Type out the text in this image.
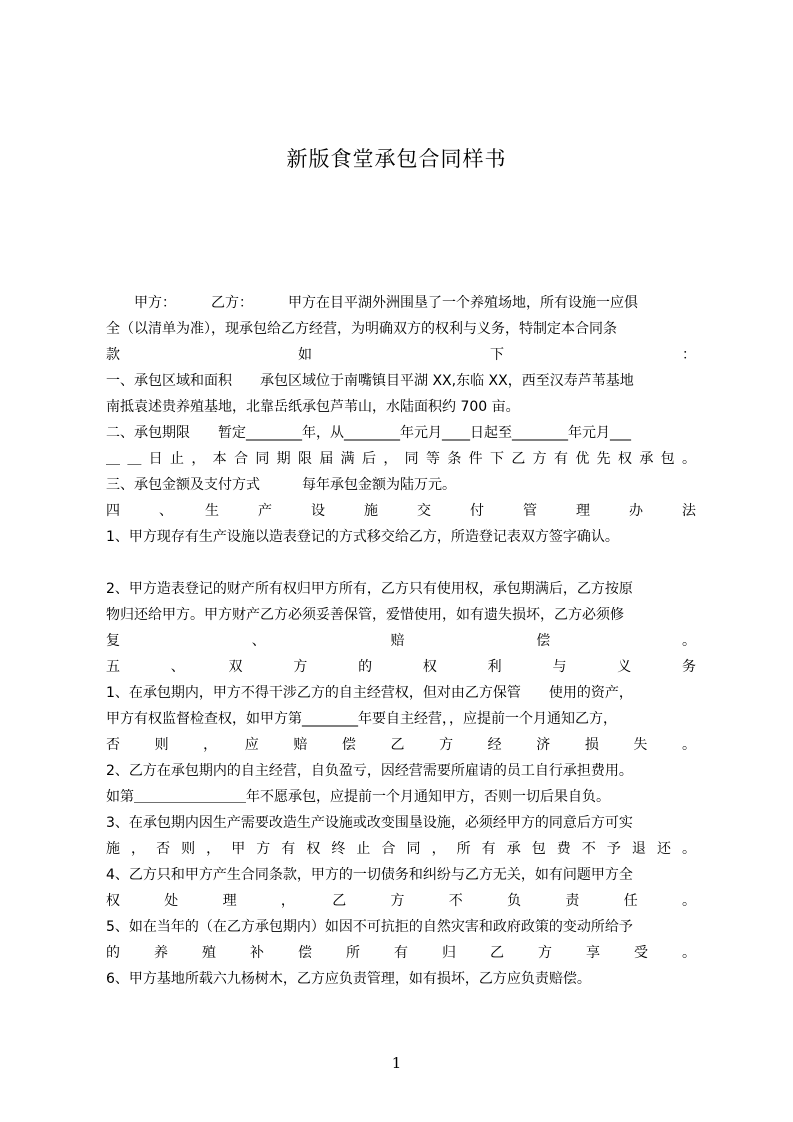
新版食堂承包合同样书
　　甲方：　　　乙方：　　　甲方在目平湖外洲围垦了一个养殖场地，所有设施一应俱
全（以清单为准），现承包给乙方经营，为明确双方的权利与义务，特制定本合同条
款　如　下　：
一、承包区域和面积　　承包区域位于南嘴镇目平湖 XX,东临 XX，西至汉寿芦苇基地
南抵袁述贵养殖基地，北靠岳纸承包芦苇山，水陆面积约 700 亩。
二、承包期限　　暂定________年，从________年元月____日起至________年元月___
＿＿日止，本合同期限届满后，同等条件下乙方有优先权承包。
三、承包金额及支付方式　　　每年承包金额为陆万元。
四　、　生　产　设　施　交　付　管　理　办　法
1、甲方现存有生产设施以造表登记的方式移交给乙方，所造登记表双方签字确认。
2、甲方造表登记的财产所有权归甲方所有，乙方只有使用权，承包期满后，乙方按原
物归还给甲方。甲方财产乙方必须妥善保管，爱惜使用，如有遗失损坏，乙方必须修
复　、　赔　偿　。
五　、　双　方　的　权　利　与　义　务
1、在承包期内，甲方不得干涉乙方的自主经营权，但对由乙方保管　　使用的资产，
甲方有权监督检查权，如甲方第________年要自主经营，，应提前一个月通知乙方，
否　则　，　应　赔　偿　乙　方　经　济　损　失　。
2、乙方在承包期内的自主经营，自负盈亏，因经营需要所雇请的员工自行承担费用。
如第＿＿＿＿＿＿＿＿年不愿承包，应提前一个月通知甲方，否则一切后果自负。
3、在承包期内因生产需要改造生产设施或改变围垦设施，必须经甲方的同意后方可实
施，否则，甲方有权终止合同，所有承包费不予退还。
4、乙方只和甲方产生合同条款，甲方的一切债务和纠纷与乙方无关，如有问题甲方全
权　处　理　，　乙　方　不　负　责　任　。
5、如在当年的（在乙方承包期内）如因不可抗拒的自然灾害和政府政策的变动所给予
的　养　殖　补　偿　所　有　归　乙　方　享　受　。
6、甲方基地所载六九杨树木，乙方应负责管理，如有损坏，乙方应负责赔偿。
1
